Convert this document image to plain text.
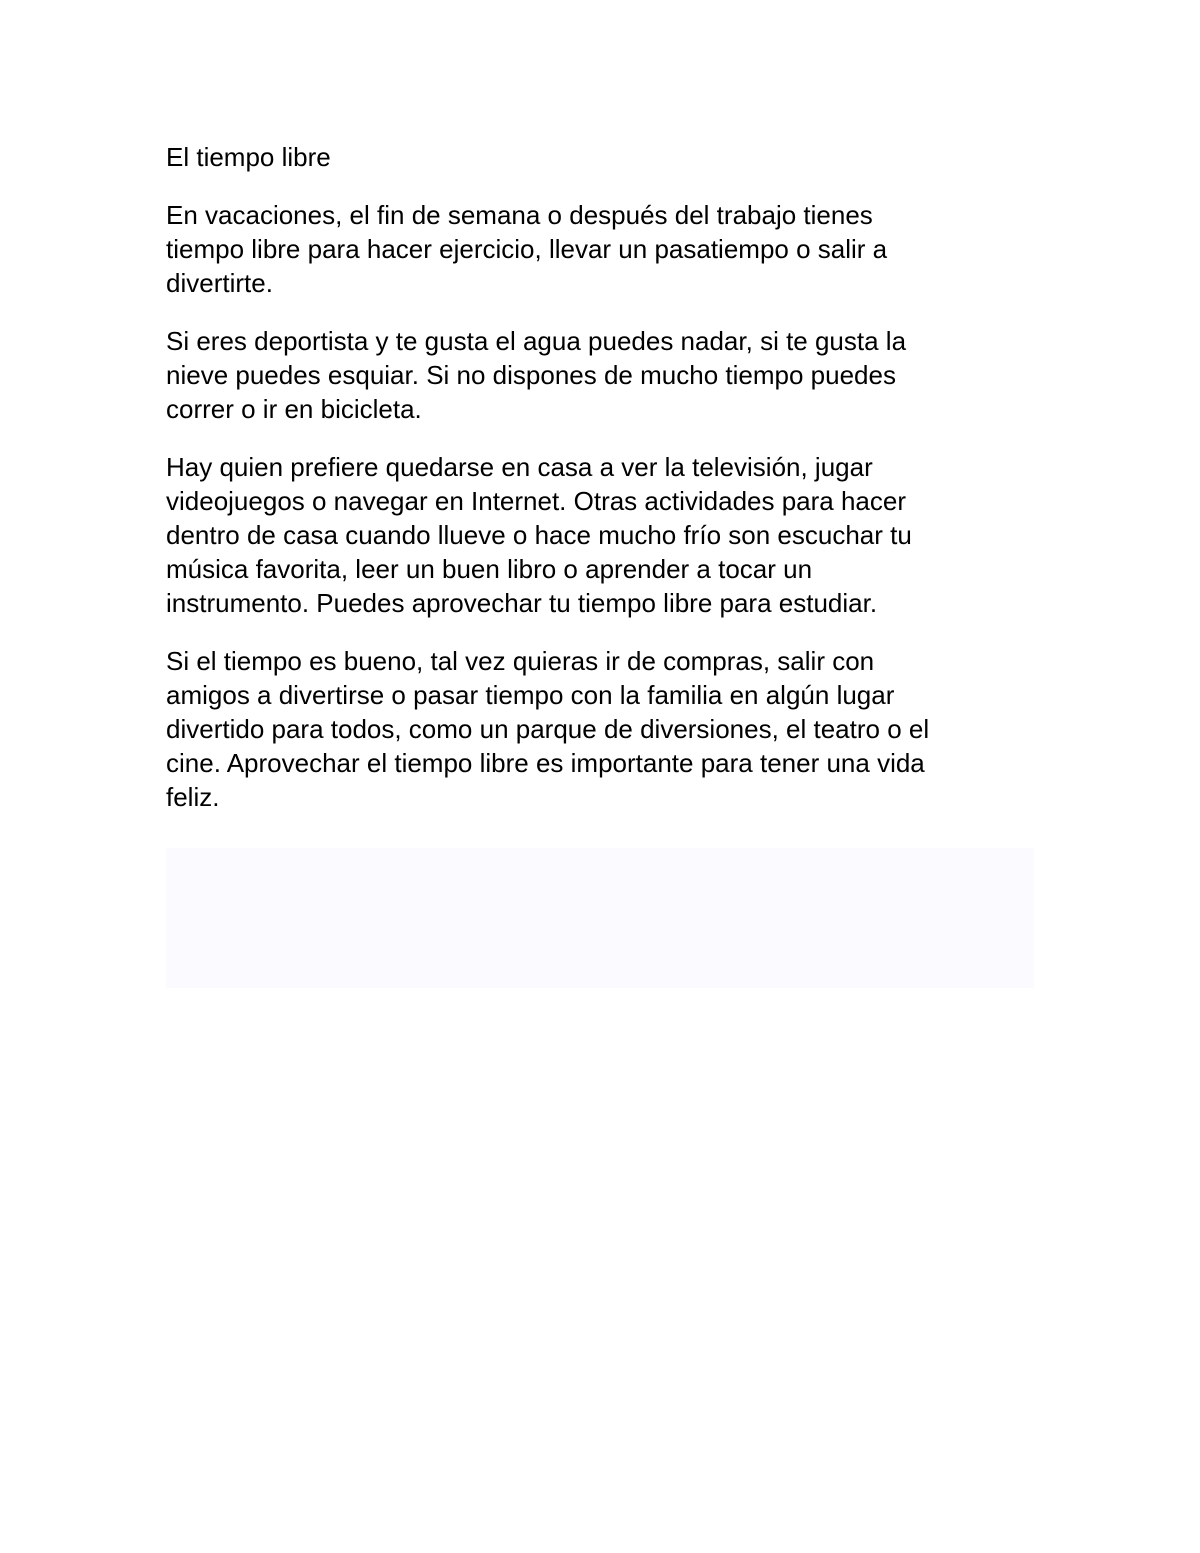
El tiempo libre
En vacaciones, el fin de semana o después del trabajo tienes
tiempo libre para hacer ejercicio, llevar un pasatiempo o salir a
divertirte.
Si eres deportista y te gusta el agua puedes nadar, si te gusta la
nieve puedes esquiar. Si no dispones de mucho tiempo puedes
correr o ir en bicicleta.
Hay quien prefiere quedarse en casa a ver la televisión, jugar
videojuegos o navegar en Internet. Otras actividades para hacer
dentro de casa cuando llueve o hace mucho frío son escuchar tu
música favorita, leer un buen libro o aprender a tocar un
instrumento. Puedes aprovechar tu tiempo libre para estudiar.
Si el tiempo es bueno, tal vez quieras ir de compras, salir con
amigos a divertirse o pasar tiempo con la familia en algún lugar
divertido para todos, como un parque de diversiones, el teatro o el
cine. Aprovechar el tiempo libre es importante para tener una vida
feliz.
